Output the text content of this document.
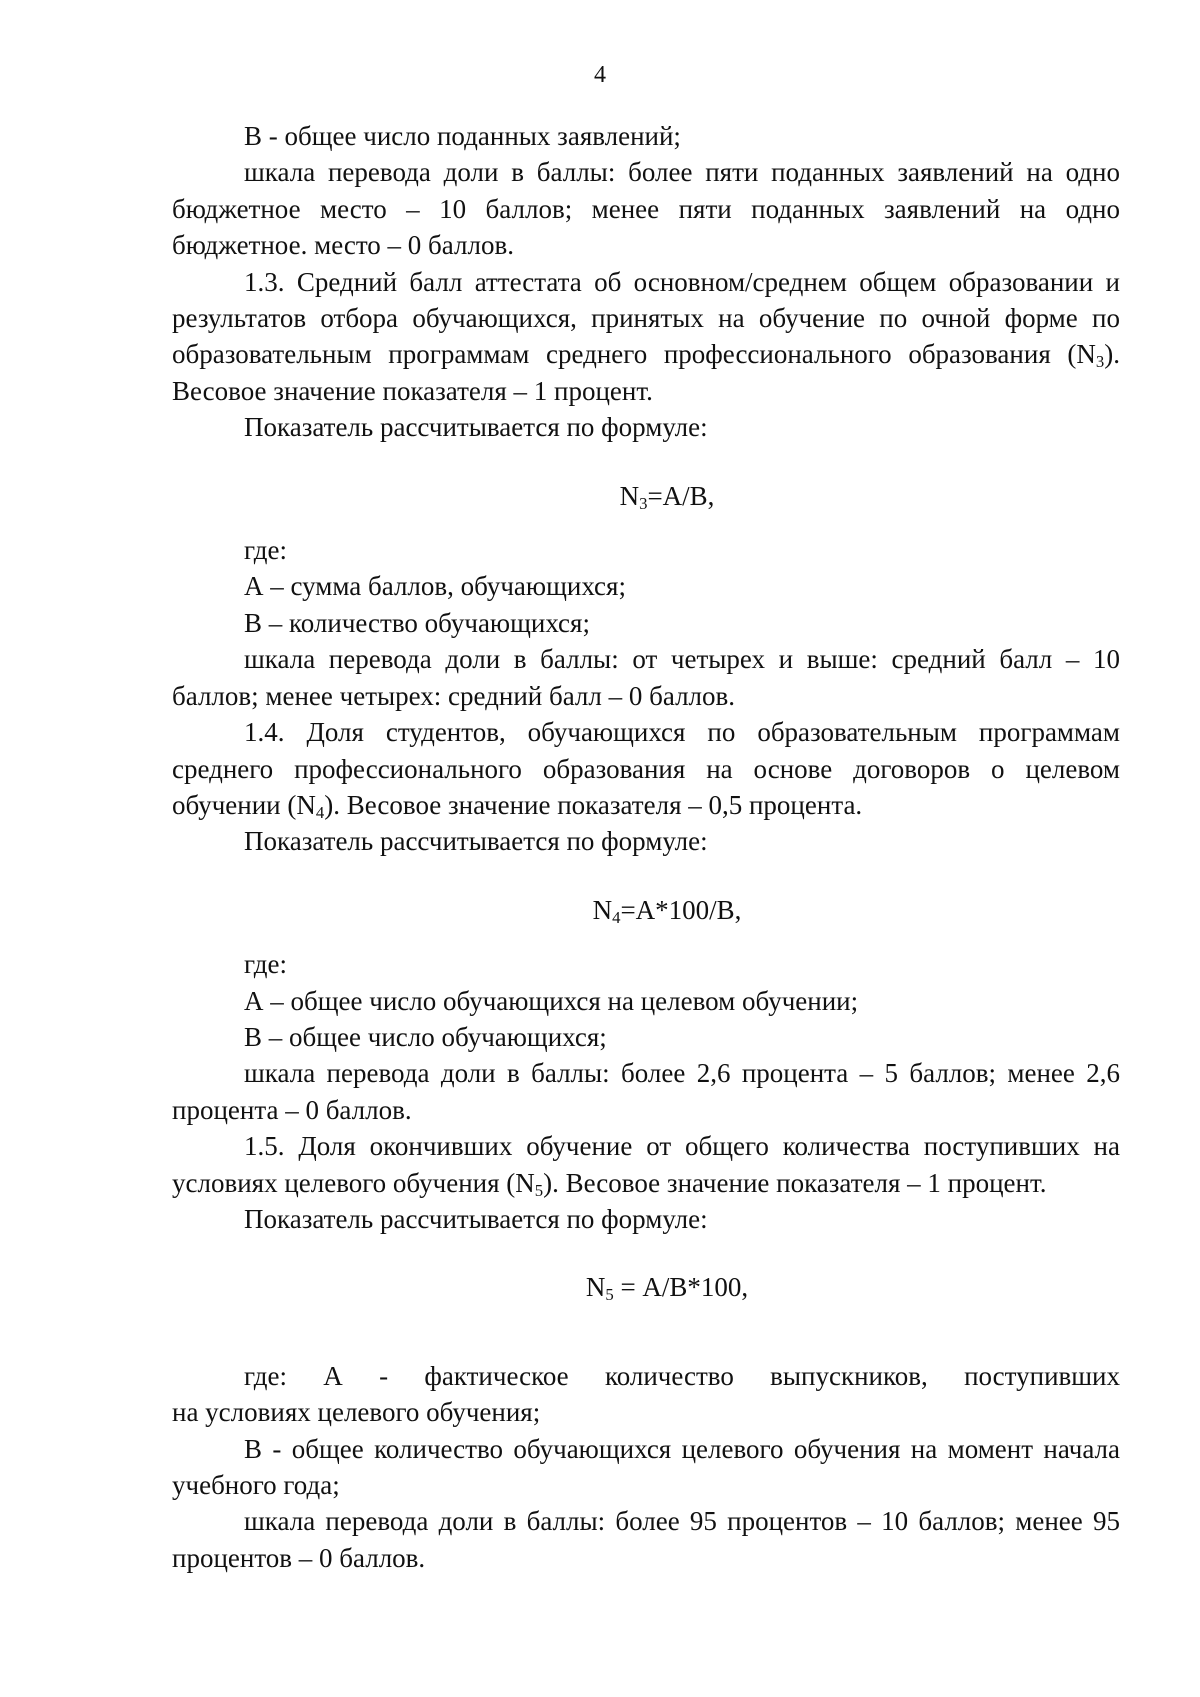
4

В - общее число поданных заявлений;

шкала перевода доли в баллы: более пяти поданных заявлений на одно бюджетное место – 10 баллов; менее пяти поданных заявлений на одно бюджетное. место – 0 баллов.

1.3. Средний балл аттестата об основном/среднем общем образовании и результатов отбора обучающихся, принятых на обучение по очной форме по образовательным программам среднего профессионального образования $(N_3)$. Весовое значение показателя – 1 процент.

Показатель рассчитывается по формуле:

$N_3=А/В$,

где:

А – сумма баллов, обучающихся;

В – количество обучающихся;

шкала перевода доли в баллы: от четырех и выше: средний балл – 10 баллов; менее четырех: средний балл – 0 баллов.

1.4. Доля студентов, обучающихся по образовательным программам среднего профессионального образования на основе договоров о целевом обучении $(N_4)$. Весовое значение показателя – 0,5 процента.

Показатель рассчитывается по формуле:

$N_4=А*100/В$,

где:

А – общее число обучающихся на целевом обучении;

В – общее число обучающихся;

шкала перевода доли в баллы: более 2,6 процента – 5 баллов; менее 2,6 процента – 0 баллов.

1.5. Доля окончивших обучение от общего количества поступивших на условиях целевого обучения $(N_5)$. Весовое значение показателя – 1 процент.

Показатель рассчитывается по формуле:

$N_5 = А/В*100$,

где: А - фактическое количество выпускников, поступивших

на условиях целевого обучения;

В - общее количество обучающихся целевого обучения на момент начала учебного года;

шкала перевода доли в баллы: более 95 процентов – 10 баллов; менее 95 процентов – 0 баллов.
